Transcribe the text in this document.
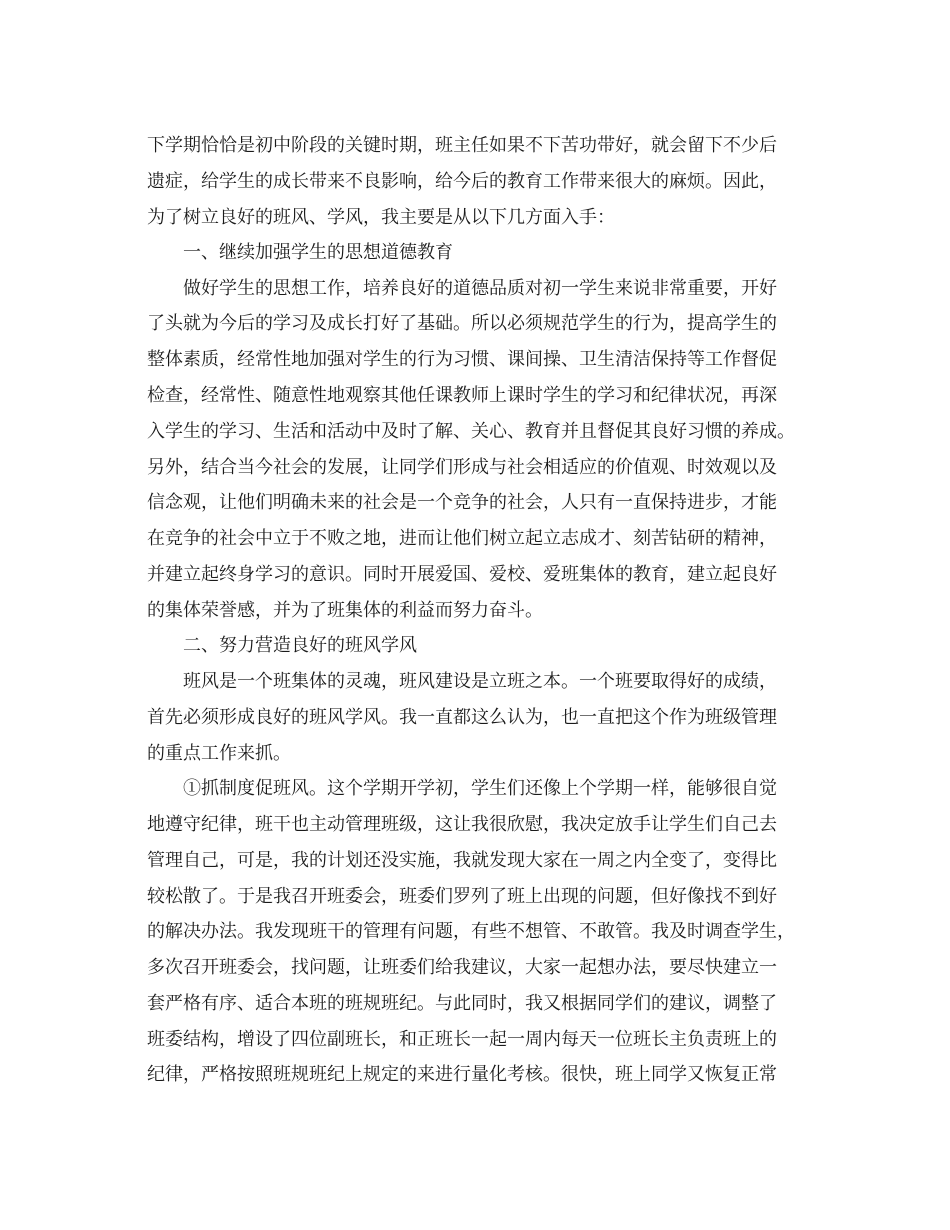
下学期恰恰是初中阶段的关键时期，班主任如果不下苦功带好，就会留下不少后

遗症，给学生的成长带来不良影响，给今后的教育工作带来很大的麻烦。因此，

为了树立良好的班风、学风，我主要是从以下几方面入手：

一、继续加强学生的思想道德教育

做好学生的思想工作，培养良好的道德品质对初一学生来说非常重要，开好

了头就为今后的学习及成长打好了基础。所以必须规范学生的行为，提高学生的

整体素质，经常性地加强对学生的行为习惯、课间操、卫生清洁保持等工作督促

检查，经常性、随意性地观察其他任课教师上课时学生的学习和纪律状况，再深

入学生的学习、生活和活动中及时了解、关心、教育并且督促其良好习惯的养成。

另外，结合当今社会的发展，让同学们形成与社会相适应的价值观、时效观以及

信念观，让他们明确未来的社会是一个竞争的社会，人只有一直保持进步，才能

在竞争的社会中立于不败之地，进而让他们树立起立志成才、刻苦钻研的精神，

并建立起终身学习的意识。同时开展爱国、爱校、爱班集体的教育，建立起良好

的集体荣誉感，并为了班集体的利益而努力奋斗。

二、努力营造良好的班风学风

班风是一个班集体的灵魂，班风建设是立班之本。一个班要取得好的成绩，

首先必须形成良好的班风学风。我一直都这么认为，也一直把这个作为班级管理

的重点工作来抓。

①抓制度促班风。这个学期开学初，学生们还像上个学期一样，能够很自觉

地遵守纪律，班干也主动管理班级，这让我很欣慰，我决定放手让学生们自己去

管理自己，可是，我的计划还没实施，我就发现大家在一周之内全变了，变得比

较松散了。于是我召开班委会，班委们罗列了班上出现的问题，但好像找不到好

的解决办法。我发现班干的管理有问题，有些不想管、不敢管。我及时调查学生，

多次召开班委会，找问题，让班委们给我建议，大家一起想办法，要尽快建立一

套严格有序、适合本班的班规班纪。与此同时，我又根据同学们的建议，调整了

班委结构，增设了四位副班长，和正班长一起一周内每天一位班长主负责班上的

纪律，严格按照班规班纪上规定的来进行量化考核。很快，班上同学又恢复正常
